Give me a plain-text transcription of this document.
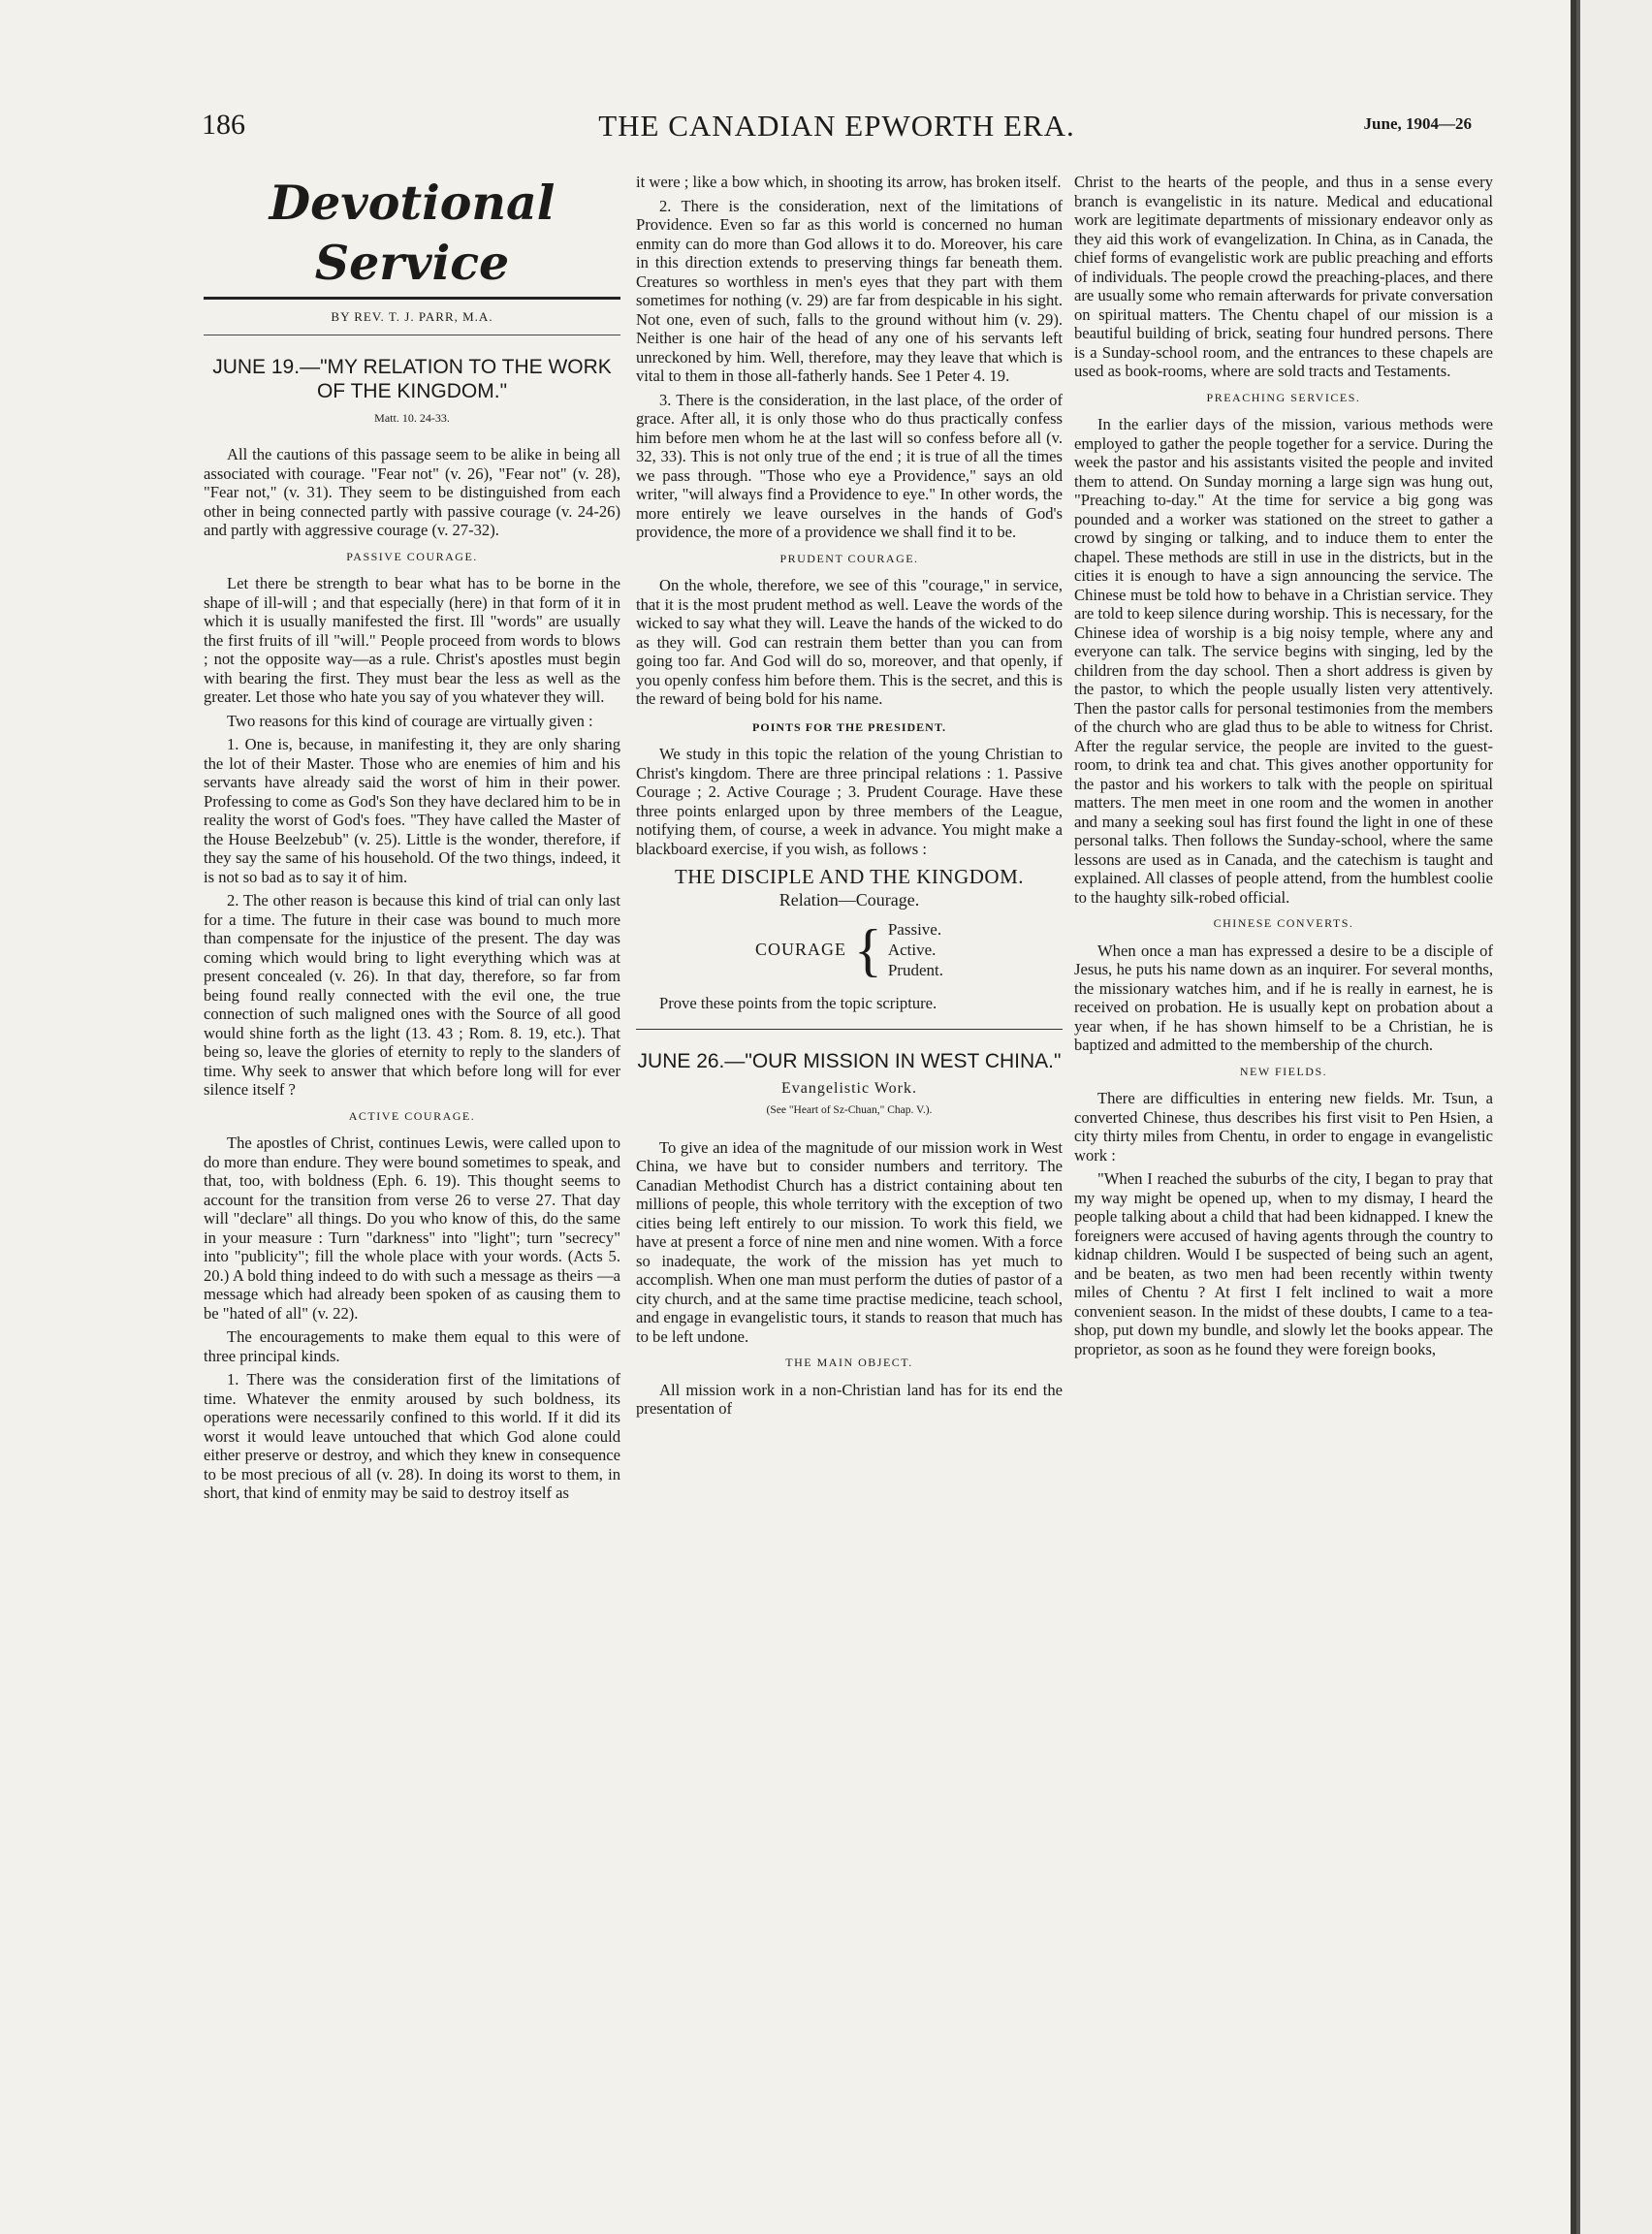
186	THE CANADIAN EPWORTH ERA.	June, 1904—26
Devotional Service
BY REV. T. J. PARR, M.A.
JUNE 19.—"MY RELATION TO THE WORK OF THE KINGDOM."
Matt. 10. 24-33.

All the cautions of this passage seem to be alike in being all associated with courage. "Fear not" (v. 26), "Fear not" (v. 28), "Fear not," (v. 31). They seem to be distinguished from each other in being connected partly with passive courage (v. 24-26) and partly with aggressive courage (v. 27-32).

PASSIVE COURAGE.

Let there be strength to bear what has to be borne in the shape of ill-will ; and that especially (here) in that form of it in which it is usually manifested the first. Ill "words" are usually the first fruits of ill "will." People proceed from words to blows ; not the opposite way—as a rule. Christ's apostles must begin with bearing the first. They must bear the less as well as the greater. Let those who hate you say of you whatever they will.

Two reasons for this kind of courage are virtually given :

1. One is, because, in manifesting it, they are only sharing the lot of their Master. Those who are enemies of him and his servants have already said the worst of him in their power. Professing to come as God's Son they have declared him to be in reality the worst of God's foes. "They have called the Master of the House Beelzebub" (v. 25). Little is the wonder, therefore, if they say the same of his household. Of the two things, indeed, it is not so bad as to say it of him.

2. The other reason is because this kind of trial can only last for a time. The future in their case was bound to much more than compensate for the injustice of the present. The day was coming which would bring to light everything which was at present concealed (v. 26). In that day, therefore, so far from being found really connected with the evil one, the true connection of such maligned ones with the Source of all good would shine forth as the light (13. 43 ; Rom. 8. 19, etc.). That being so, leave the glories of eternity to reply to the slanders of time. Why seek to answer that which before long will for ever silence itself ?

ACTIVE COURAGE.

The apostles of Christ, continues Lewis, were called upon to do more than endure. They were bound sometimes to speak, and that, too, with boldness (Eph. 6. 19). This thought seems to account for the transition from verse 26 to verse 27. That day will "declare" all things. Do you who know of this, do the same in your measure : Turn "darkness" into "light"; turn "secrecy" into "publicity"; fill the whole place with your words. (Acts 5. 20.) A bold thing indeed to do with such a message as theirs —a message which had already been spoken of as causing them to be "hated of all" (v. 22).

The encouragements to make them equal to this were of three principal kinds.

1. There was the consideration first of the limitations of time. Whatever the enmity aroused by such boldness, its operations were necessarily confined to this world. If it did its worst it would leave untouched that which God alone could either preserve or destroy, and which they knew in consequence to be most precious of all (v. 28). In doing its worst to them, in short, that kind of enmity may be said to destroy itself as

it were ; like a bow which, in shooting its arrow, has broken itself.

2. There is the consideration, next of the limitations of Providence. Even so far as this world is concerned no human enmity can do more than God allows it to do. Moreover, his care in this direction extends to preserving things far beneath them. Creatures so worthless in men's eyes that they part with them sometimes for nothing (v. 29) are far from despicable in his sight. Not one, even of such, falls to the ground without him (v. 29). Neither is one hair of the head of any one of his servants left unreckoned by him. Well, therefore, may they leave that which is vital to them in those all-fatherly hands. See 1 Peter 4. 19.

3. There is the consideration, in the last place, of the order of grace. After all, it is only those who do thus practically confess him before men whom he at the last will so confess before all (v. 32, 33). This is not only true of the end ; it is true of all the times we pass through. "Those who eye a Providence," says an old writer, "will always find a Providence to eye." In other words, the more entirely we leave ourselves in the hands of God's providence, the more of a providence we shall find it to be.

PRUDENT COURAGE.

On the whole, therefore, we see of this "courage," in service, that it is the most prudent method as well. Leave the words of the wicked to say what they will. Leave the hands of the wicked to do as they will. God can restrain them better than you can from going too far. And God will do so, moreover, and that openly, if you openly confess him before them. This is the secret, and this is the reward of being bold for his name.

POINTS FOR THE PRESIDENT.

We study in this topic the relation of the young Christian to Christ's kingdom. There are three principal relations : 1. Passive Courage ; 2. Active Courage ; 3. Prudent Courage. Have these three points enlarged upon by three members of the League, notifying them, of course, a week in advance. You might make a blackboard exercise, if you wish, as follows :

THE DISCIPLE AND THE KINGDOM.
Relation—Courage.
COURAGE { Passive.
Active.
Prudent.

Prove these points from the topic scripture.

JUNE 26.—"OUR MISSION IN WEST CHINA."
Evangelistic Work.
(See "Heart of Sz-Chuan," Chap. V.).

To give an idea of the magnitude of our mission work in West China, we have but to consider numbers and territory. The Canadian Methodist Church has a district containing about ten millions of people, this whole territory with the exception of two cities being left entirely to our mission. To work this field, we have at present a force of nine men and nine women. With a force so inadequate, the work of the mission has yet much to accomplish. When one man must perform the duties of pastor of a city church, and at the same time practise medicine, teach school, and engage in evangelistic tours, it stands to reason that much has to be left undone.

THE MAIN OBJECT.

All mission work in a non-Christian land has for its end the presentation of

Christ to the hearts of the people, and thus in a sense every branch is evangelistic in its nature. Medical and educational work are legitimate departments of missionary endeavor only as they aid this work of evangelization. In China, as in Canada, the chief forms of evangelistic work are public preaching and efforts of individuals. The people crowd the preaching-places, and there are usually some who remain afterwards for private conversation on spiritual matters. The Chentu chapel of our mission is a beautiful building of brick, seating four hundred persons. There is a Sunday-school room, and the entrances to these chapels are used as book-rooms, where are sold tracts and Testaments.

PREACHING SERVICES.

In the earlier days of the mission, various methods were employed to gather the people together for a service. During the week the pastor and his assistants visited the people and invited them to attend. On Sunday morning a large sign was hung out, "Preaching to-day." At the time for service a big gong was pounded and a worker was stationed on the street to gather a crowd by singing or talking, and to induce them to enter the chapel. These methods are still in use in the districts, but in the cities it is enough to have a sign announcing the service. The Chinese must be told how to behave in a Christian service. They are told to keep silence during worship. This is necessary, for the Chinese idea of worship is a big noisy temple, where any and everyone can talk. The service begins with singing, led by the children from the day school. Then a short address is given by the pastor, to which the people usually listen very attentively. Then the pastor calls for personal testimonies from the members of the church who are glad thus to be able to witness for Christ. After the regular service, the people are invited to the guest-room, to drink tea and chat. This gives another opportunity for the pastor and his workers to talk with the people on spiritual matters. The men meet in one room and the women in another and many a seeking soul has first found the light in one of these personal talks. Then follows the Sunday-school, where the same lessons are used as in Canada, and the catechism is taught and explained. All classes of people attend, from the humblest coolie to the haughty silk-robed official.

CHINESE CONVERTS.

When once a man has expressed a desire to be a disciple of Jesus, he puts his name down as an inquirer. For several months, the missionary watches him, and if he is really in earnest, he is received on probation. He is usually kept on probation about a year when, if he has shown himself to be a Christian, he is baptized and admitted to the membership of the church.

NEW FIELDS.

There are difficulties in entering new fields. Mr. Tsun, a converted Chinese, thus describes his first visit to Pen Hsien, a city thirty miles from Chentu, in order to engage in evangelistic work :

"When I reached the suburbs of the city, I began to pray that my way might be opened up, when to my dismay, I heard the people talking about a child that had been kidnapped. I knew the foreigners were accused of having agents through the country to kidnap children. Would I be suspected of being such an agent, and be beaten, as two men had been recently within twenty miles of Chentu ? At first I felt inclined to wait a more convenient season. In the midst of these doubts, I came to a tea-shop, put down my bundle, and slowly let the books appear. The proprietor, as soon as he found they were foreign books,
